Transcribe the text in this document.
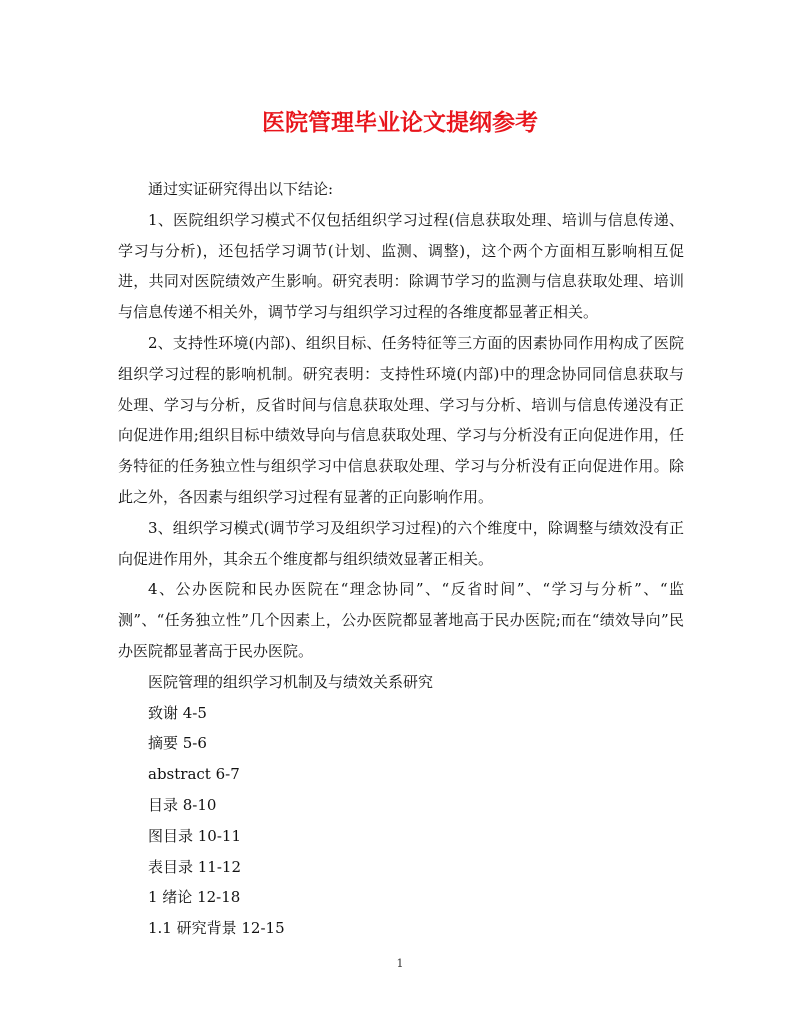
医院管理毕业论文提纲参考

通过实证研究得出以下结论:

1、医院组织学习模式不仅包括组织学习过程(信息获取处理、培训与信息传递、学习与分析)，还包括学习调节(计划、监测、调整)，这个两个方面相互影响相互促进，共同对医院绩效产生影响。研究表明：除调节学习的监测与信息获取处理、培训与信息传递不相关外，调节学习与组织学习过程的各维度都显著正相关。

2、支持性环境(内部)、组织目标、任务特征等三方面的因素协同作用构成了医院组织学习过程的影响机制。研究表明：支持性环境(内部)中的理念协同同信息获取与处理、学习与分析，反省时间与信息获取处理、学习与分析、培训与信息传递没有正向促进作用;组织目标中绩效导向与信息获取处理、学习与分析没有正向促进作用，任务特征的任务独立性与组织学习中信息获取处理、学习与分析没有正向促进作用。除此之外，各因素与组织学习过程有显著的正向影响作用。

3、组织学习模式(调节学习及组织学习过程)的六个维度中，除调整与绩效没有正向促进作用外，其余五个维度都与组织绩效显著正相关。

4、公办医院和民办医院在“理念协同”、“反省时间”、“学习与分析”、“监测”、“任务独立性”几个因素上，公办医院都显著地高于民办医院;而在“绩效导向”民办医院都显著高于民办医院。

医院管理的组织学习机制及与绩效关系研究

致谢 4-5

摘要 5-6

abstract 6-7

目录 8-10

图目录 10-11

表目录 11-12

1 绪论 12-18

1.1 研究背景 12-15

1
